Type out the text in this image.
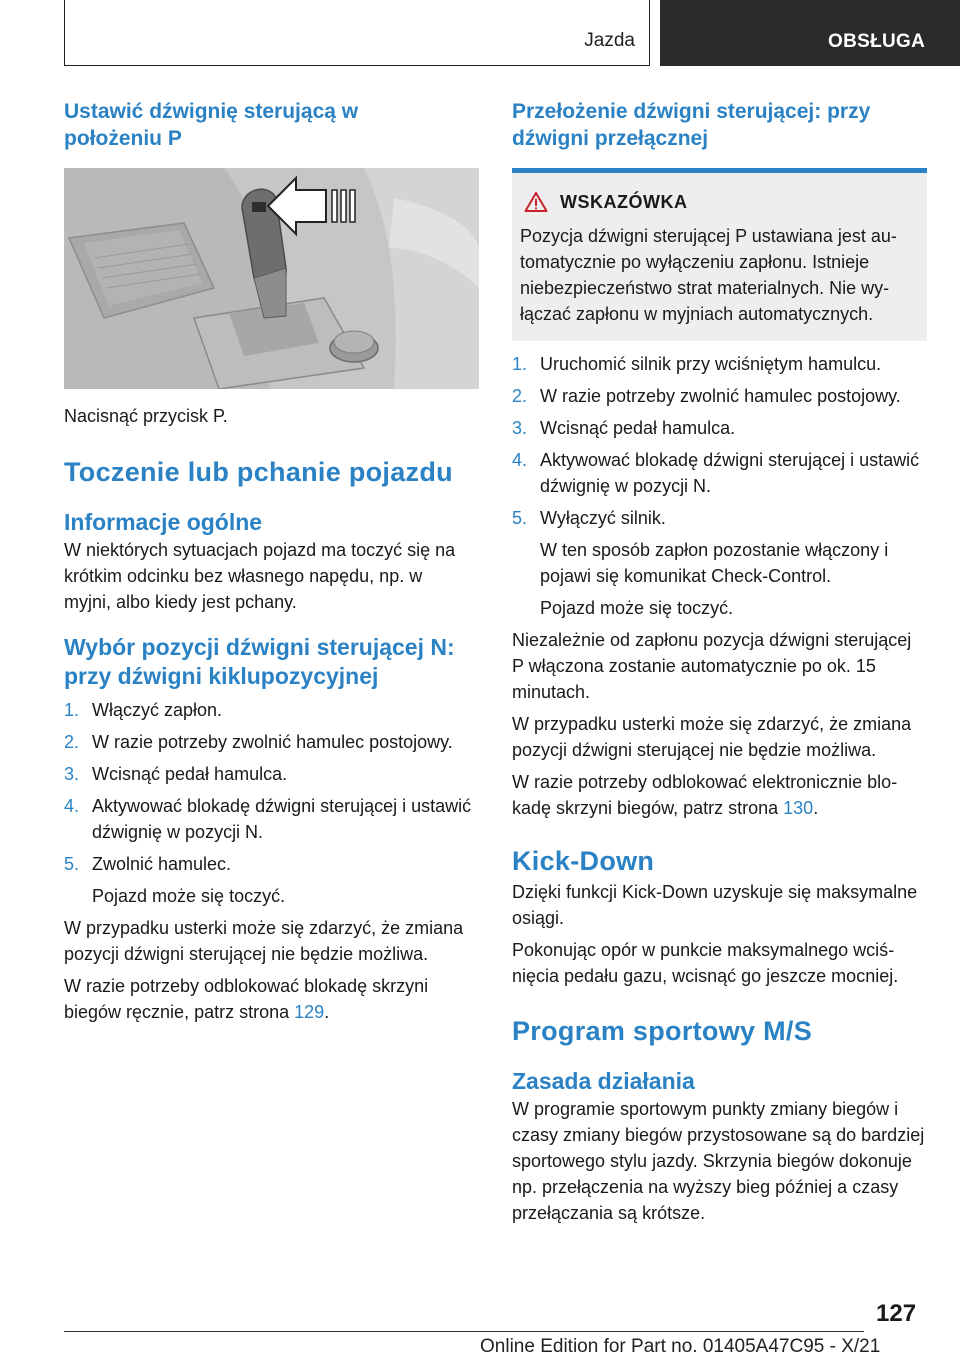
Jazda	OBSŁUGA
Ustawić dźwignię sterującą w położeniu P

Nacisnąć przycisk P.

Toczenie lub pchanie pojazdu
Informacje ogólne

W niektórych sytuacjach pojazd ma toczyć się na krótkim odcinku bez własnego napędu, np. w myjni, albo kiedy jest pchany.

Wybór pozycji dźwigni sterującej N: przy dźwigni kiklupozycyjnej
1. Włączyć zapłon.
2. W razie potrzeby zwolnić hamulec postojowy.
3. Wcisnąć pedał hamulca.
4. Aktywować blokadę dźwigni sterującej i ustawić dźwignię w pozycji N.
5. Zwolnić hamulec.

Pojazd może się toczyć.

W przypadku usterki może się zdarzyć, że zmiana pozycji dźwigni sterującej nie będzie możliwa.

W razie potrzeby odblokować blokadę skrzyni biegów ręcznie, patrz strona 129.

Przełożenie dźwigni sterującej: przy dźwigni przełącznej
WSKAZÓWKA

Pozycja dźwigni sterującej P ustawiana jest automatycznie po wyłączeniu zapłonu. Istnieje niebezpieczeństwo strat materialnych. Nie wyłączać zapłonu w myjniach automatycznych.

1. Uruchomić silnik przy wciśniętym hamulcu.
2. W razie potrzeby zwolnić hamulec postojowy.
3. Wcisnąć pedał hamulca.
4. Aktywować blokadę dźwigni sterującej i ustawić dźwignię w pozycji N.
5. Wyłączyć silnik.

W ten sposób zapłon pozostanie włączony i pojawi się komunikat Check-Control.

Pojazd może się toczyć.

Niezależnie od zapłonu pozycja dźwigni sterującej P włączona zostanie automatycznie po ok. 15 minutach.

W przypadku usterki może się zdarzyć, że zmiana pozycji dźwigni sterującej nie będzie możliwa.

W razie potrzeby odblokować elektronicznie blokadę skrzyni biegów, patrz strona 130.

Kick-Down

Dzięki funkcji Kick-Down uzyskuje się maksymalne osiągi.

Pokonując opór w punkcie maksymalnego wciśnięcia pedału gazu, wcisnąć go jeszcze mocniej.

Program sportowy M/S
Zasada działania

W programie sportowym punkty zmiany biegów i czasy zmiany biegów przystosowane są do bardziej sportowego stylu jazdy. Skrzynia biegów dokonuje np. przełączenia na wyższy bieg później a czasy przełączania są krótsze.

127
Online Edition for Part no. 01405A47C95 - X/21
